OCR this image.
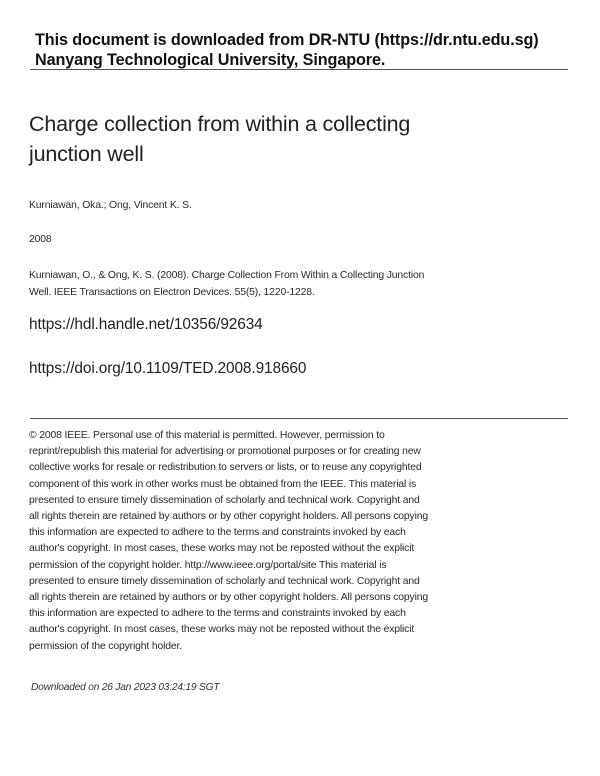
This document is downloaded from DR-NTU (https://dr.ntu.edu.sg)
Nanyang Technological University, Singapore.
Charge collection from within a collecting junction well
Kurniawan, Oka.; Ong, Vincent K. S.
2008
Kurniawan, O., & Ong, K. S. (2008). Charge Collection From Within a Collecting Junction
Well. IEEE Transactions on Electron Devices. 55(5), 1220-1228.
https://hdl.handle.net/10356/92634
https://doi.org/10.1109/TED.2008.918660

© 2008 IEEE. Personal use of this material is permitted. However, permission to

reprint/republish this material for advertising or promotional purposes or for creating new

collective works for resale or redistribution to servers or lists, or to reuse any copyrighted

component of this work in other works must be obtained from the IEEE. This material is

presented to ensure timely dissemination of scholarly and technical work. Copyright and

all rights therein are retained by authors or by other copyright holders. All persons copying

this information are expected to adhere to the terms and constraints invoked by each

author's copyright. In most cases, these works may not be reposted without the explicit

permission of the copyright holder. http://www.ieee.org/portal/site This material is

presented to ensure timely dissemination of scholarly and technical work. Copyright and

all rights therein are retained by authors or by other copyright holders. All persons copying

this information are expected to adhere to the terms and constraints invoked by each

author's copyright. In most cases, these works may not be reposted without the explicit

permission of the copyright holder.

Downloaded on 26 Jan 2023 03:24:19 SGT
